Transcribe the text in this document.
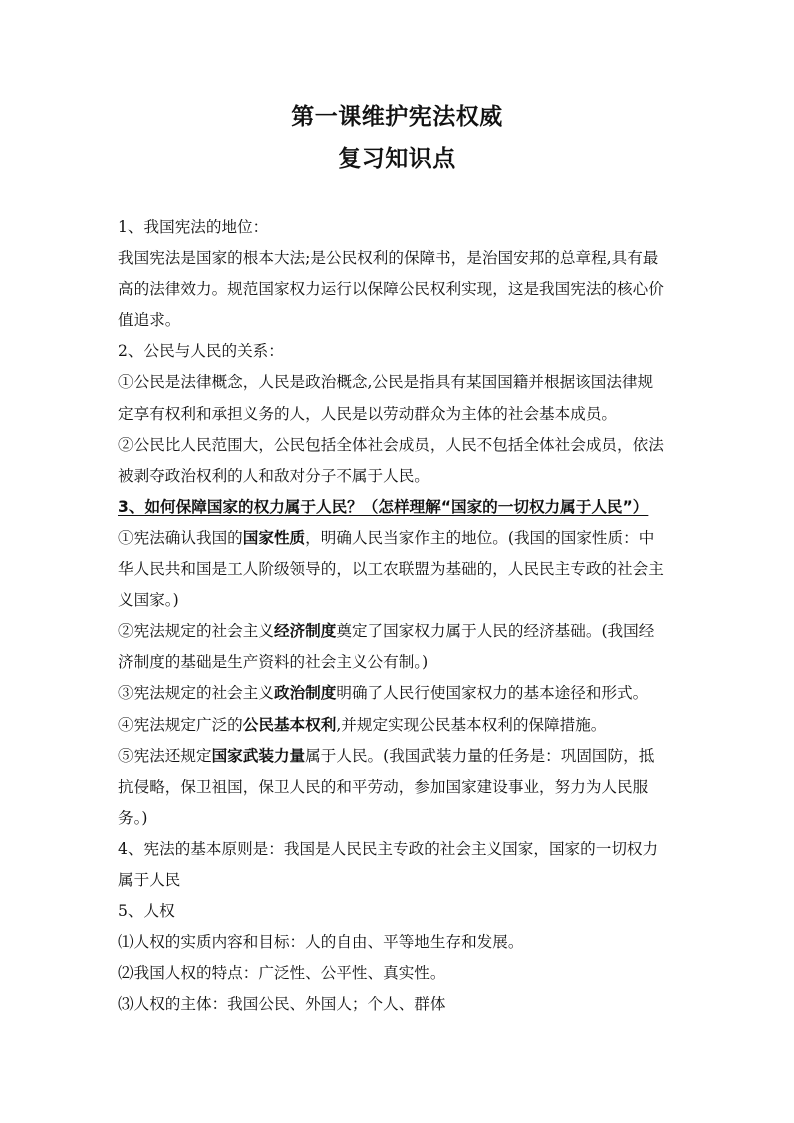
第一课维护宪法权威
复习知识点
1、我国宪法的地位：
我国宪法是国家的根本大法;是公民权利的保障书，是治国安邦的总章程,具有最
高的法律效力。规范国家权力运行以保障公民权利实现，这是我国宪法的核心价
值追求。
2、公民与人民的关系：
①公民是法律概念，人民是政治概念,公民是指具有某国国籍并根据该国法律规
定享有权利和承担义务的人，人民是以劳动群众为主体的社会基本成员。
②公民比人民范围大，公民包括全体社会成员，人民不包括全体社会成员，依法
被剥夺政治权利的人和敌对分子不属于人民。
3、如何保障国家的权力属于人民？（怎样理解“国家的一切权力属于人民”）
①宪法确认我国的国家性质，明确人民当家作主的地位。(我国的国家性质：中
华人民共和国是工人阶级领导的，以工农联盟为基础的，人民民主专政的社会主
义国家。)
②宪法规定的社会主义经济制度奠定了国家权力属于人民的经济基础。(我国经
济制度的基础是生产资料的社会主义公有制。)
③宪法规定的社会主义政治制度明确了人民行使国家权力的基本途径和形式。
④宪法规定广泛的公民基本权利,并规定实现公民基本权利的保障措施。
⑤宪法还规定国家武装力量属于人民。(我国武装力量的任务是：巩固国防，抵
抗侵略，保卫祖国，保卫人民的和平劳动，参加国家建设事业，努力为人民服
务。)
4、宪法的基本原则是：我国是人民民主专政的社会主义国家，国家的一切权力
属于人民
5、人权
⑴人权的实质内容和目标：人的自由、平等地生存和发展。
⑵我国人权的特点：广泛性、公平性、真实性。
⑶人权的主体：我国公民、外国人；个人、群体
